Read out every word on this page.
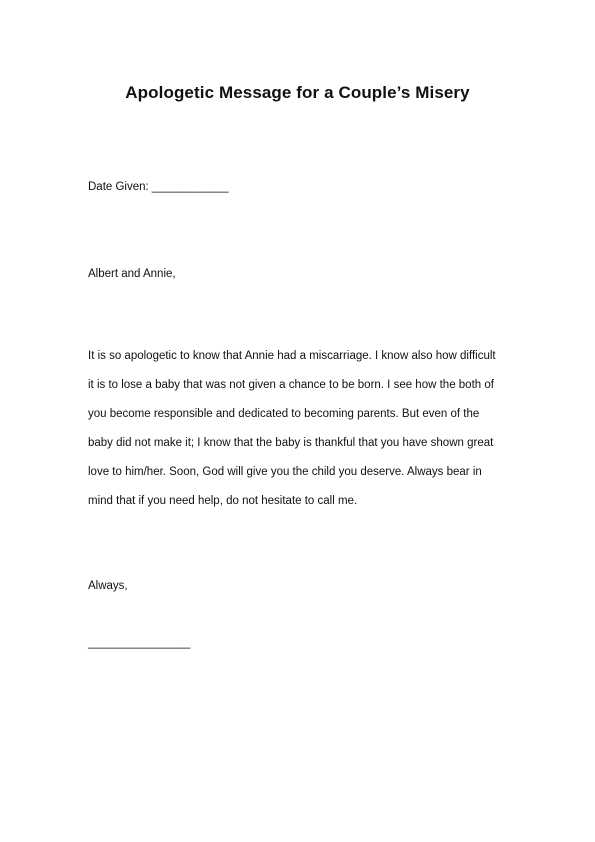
Apologetic Message for a Couple’s Misery
Date Given: ____________
Albert and Annie,
It is so apologetic to know that Annie had a miscarriage. I know also how difficult
it is to lose a baby that was not given a chance to be born. I see how the both of
you become responsible and dedicated to becoming parents. But even of the
baby did not make it; I know that the baby is thankful that you have shown great
love to him/her. Soon, God will give you the child you deserve. Always bear in
mind that if you need help, do not hesitate to call me.
Always,
________________
